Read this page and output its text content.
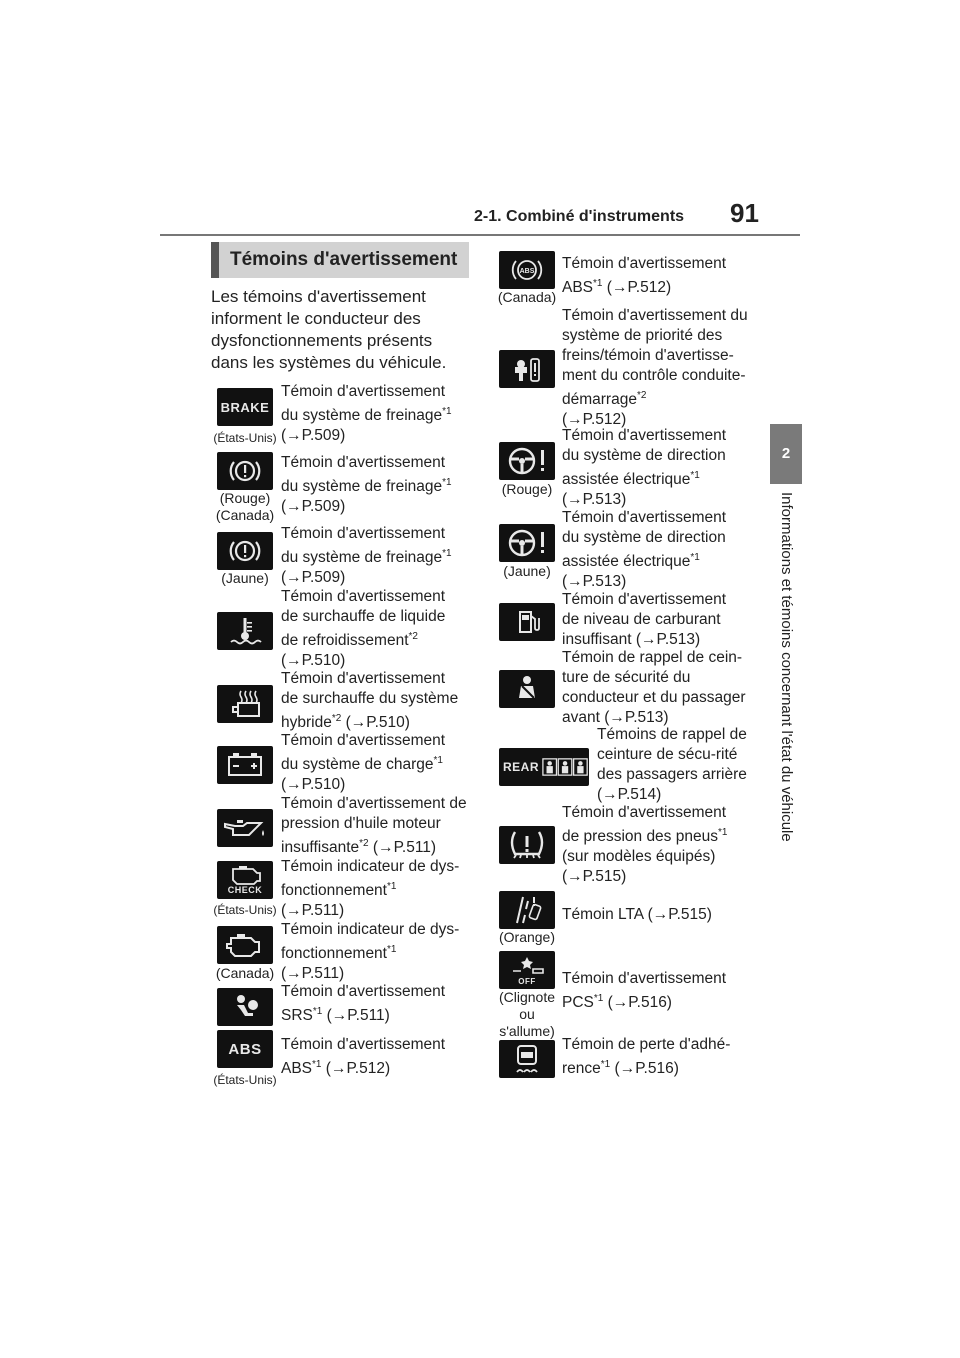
2-1. Combiné d'instruments 91
2
Informations et témoins concernant l'état du véhicule
Témoins d'avertissement
Les témoins d'avertissement informent le conducteur des dysfonctionnements présents dans les systèmes du véhicule.
BRAKE
(États-Unis)
Témoin d'avertissement du système de freinage$^{*1}$
(→P.509)
(Rouge)
(Canada)
Témoin d'avertissement du système de freinage$^{*1}$
(→P.509)
(Jaune)
Témoin d'avertissement du système de freinage$^{*1}$
(→P.509)
Témoin d'avertissement de surchauffe de liquide de refroidissement$^{*2}$
(→P.510)
Témoin d'avertissement de surchauffe du système hybride$^{*2}$ (→P.510)
Témoin d'avertissement du système de charge$^{*1}$
(→P.510)
Témoin d'avertissement de pression d'huile moteur insuffisante$^{*2}$ (→P.511)
CHECK
(États-Unis)
Témoin indicateur de dys-fonctionnement$^{*1}$
(→P.511)
(Canada)
Témoin indicateur de dys-fonctionnement$^{*1}$
(→P.511)
Témoin d'avertissement SRS$^{*1}$ (→P.511)
ABS
(États-Unis)
Témoin d'avertissement ABS$^{*1}$ (→P.512)
ABS
(Canada)
Témoin d'avertissement ABS$^{*1}$ (→P.512)
Témoin d'avertissement du système de priorité des freins/témoin d'avertisse-ment du contrôle conduite-démarrage$^{*2}$
(→P.512)
(Rouge)
Témoin d'avertissement du système de direction assistée électrique$^{*1}$
(→P.513)
(Jaune)
Témoin d'avertissement du système de direction assistée électrique$^{*1}$
(→P.513)
Témoin d'avertissement de niveau de carburant insuffisant (→P.513)
Témoin de rappel de cein-ture de sécurité du conducteur et du passager avant (→P.513)
REAR
Témoins de rappel de ceinture de sécu-rité des passagers arrière (→P.514)
Témoin d'avertissement de pression des pneus$^{*1}$
(sur modèles équipés) (→P.515)
(Orange)
Témoin LTA (→P.515)
OFF
(Clignote
ou
s'allume)
Témoin d'avertissement PCS$^{*1}$ (→P.516)
Témoin de perte d'adhé-rence$^{*1}$ (→P.516)
